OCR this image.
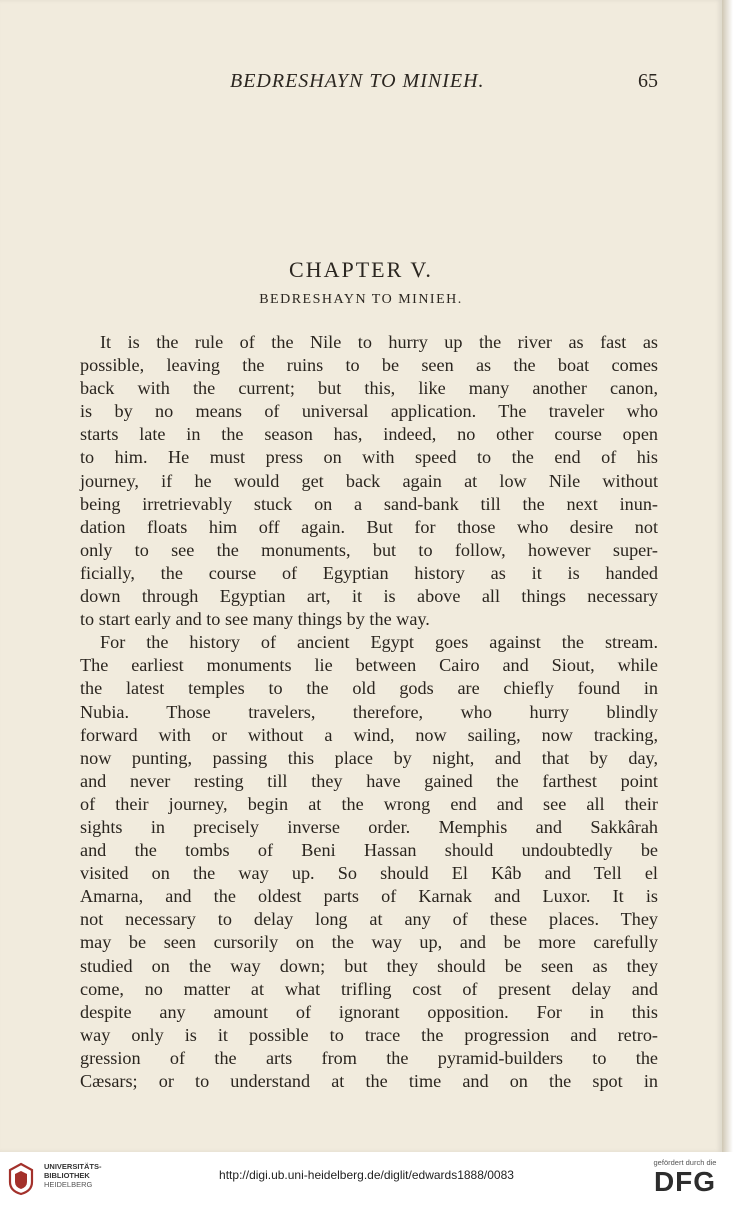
BEDRESHAYN TO MINIEH.	65
CHAPTER V.
BEDRESHAYN TO MINIEH.
It is the rule of the Nile to hurry up the river as fast as
possible, leaving the ruins to be seen as the boat comes
back with the current; but this, like many another canon,
is by no means of universal application. The traveler who
starts late in the season has, indeed, no other course open
to him. He must press on with speed to the end of his
journey, if he would get back again at low Nile without
being irretrievably stuck on a sand-bank till the next inun-
dation floats him off again. But for those who desire not
only to see the monuments, but to follow, however super-
ficially, the course of Egyptian history as it is handed
down through Egyptian art, it is above all things necessary
to start early and to see many things by the way.
For the history of ancient Egypt goes against the stream.
The earliest monuments lie between Cairo and Siout, while
the latest temples to the old gods are chiefly found in
Nubia. Those travelers, therefore, who hurry blindly
forward with or without a wind, now sailing, now tracking,
now punting, passing this place by night, and that by day,
and never resting till they have gained the farthest point
of their journey, begin at the wrong end and see all their
sights in precisely inverse order. Memphis and Sakkârah
and the tombs of Beni Hassan should undoubtedly be
visited on the way up. So should El Kâb and Tell el
Amarna, and the oldest parts of Karnak and Luxor. It is
not necessary to delay long at any of these places. They
may be seen cursorily on the way up, and be more carefully
studied on the way down; but they should be seen as they
come, no matter at what trifling cost of present delay and
despite any amount of ignorant opposition. For in this
way only is it possible to trace the progression and retro-
gression of the arts from the pyramid-builders to the
Cæsars; or to understand at the time and on the spot in
UNIVERSITÄTS-
BIBLIOTHEK
HEIDELBERG
http://digi.ub.uni-heidelberg.de/diglit/edwards1888/0083
gefördert durch die
DFG
